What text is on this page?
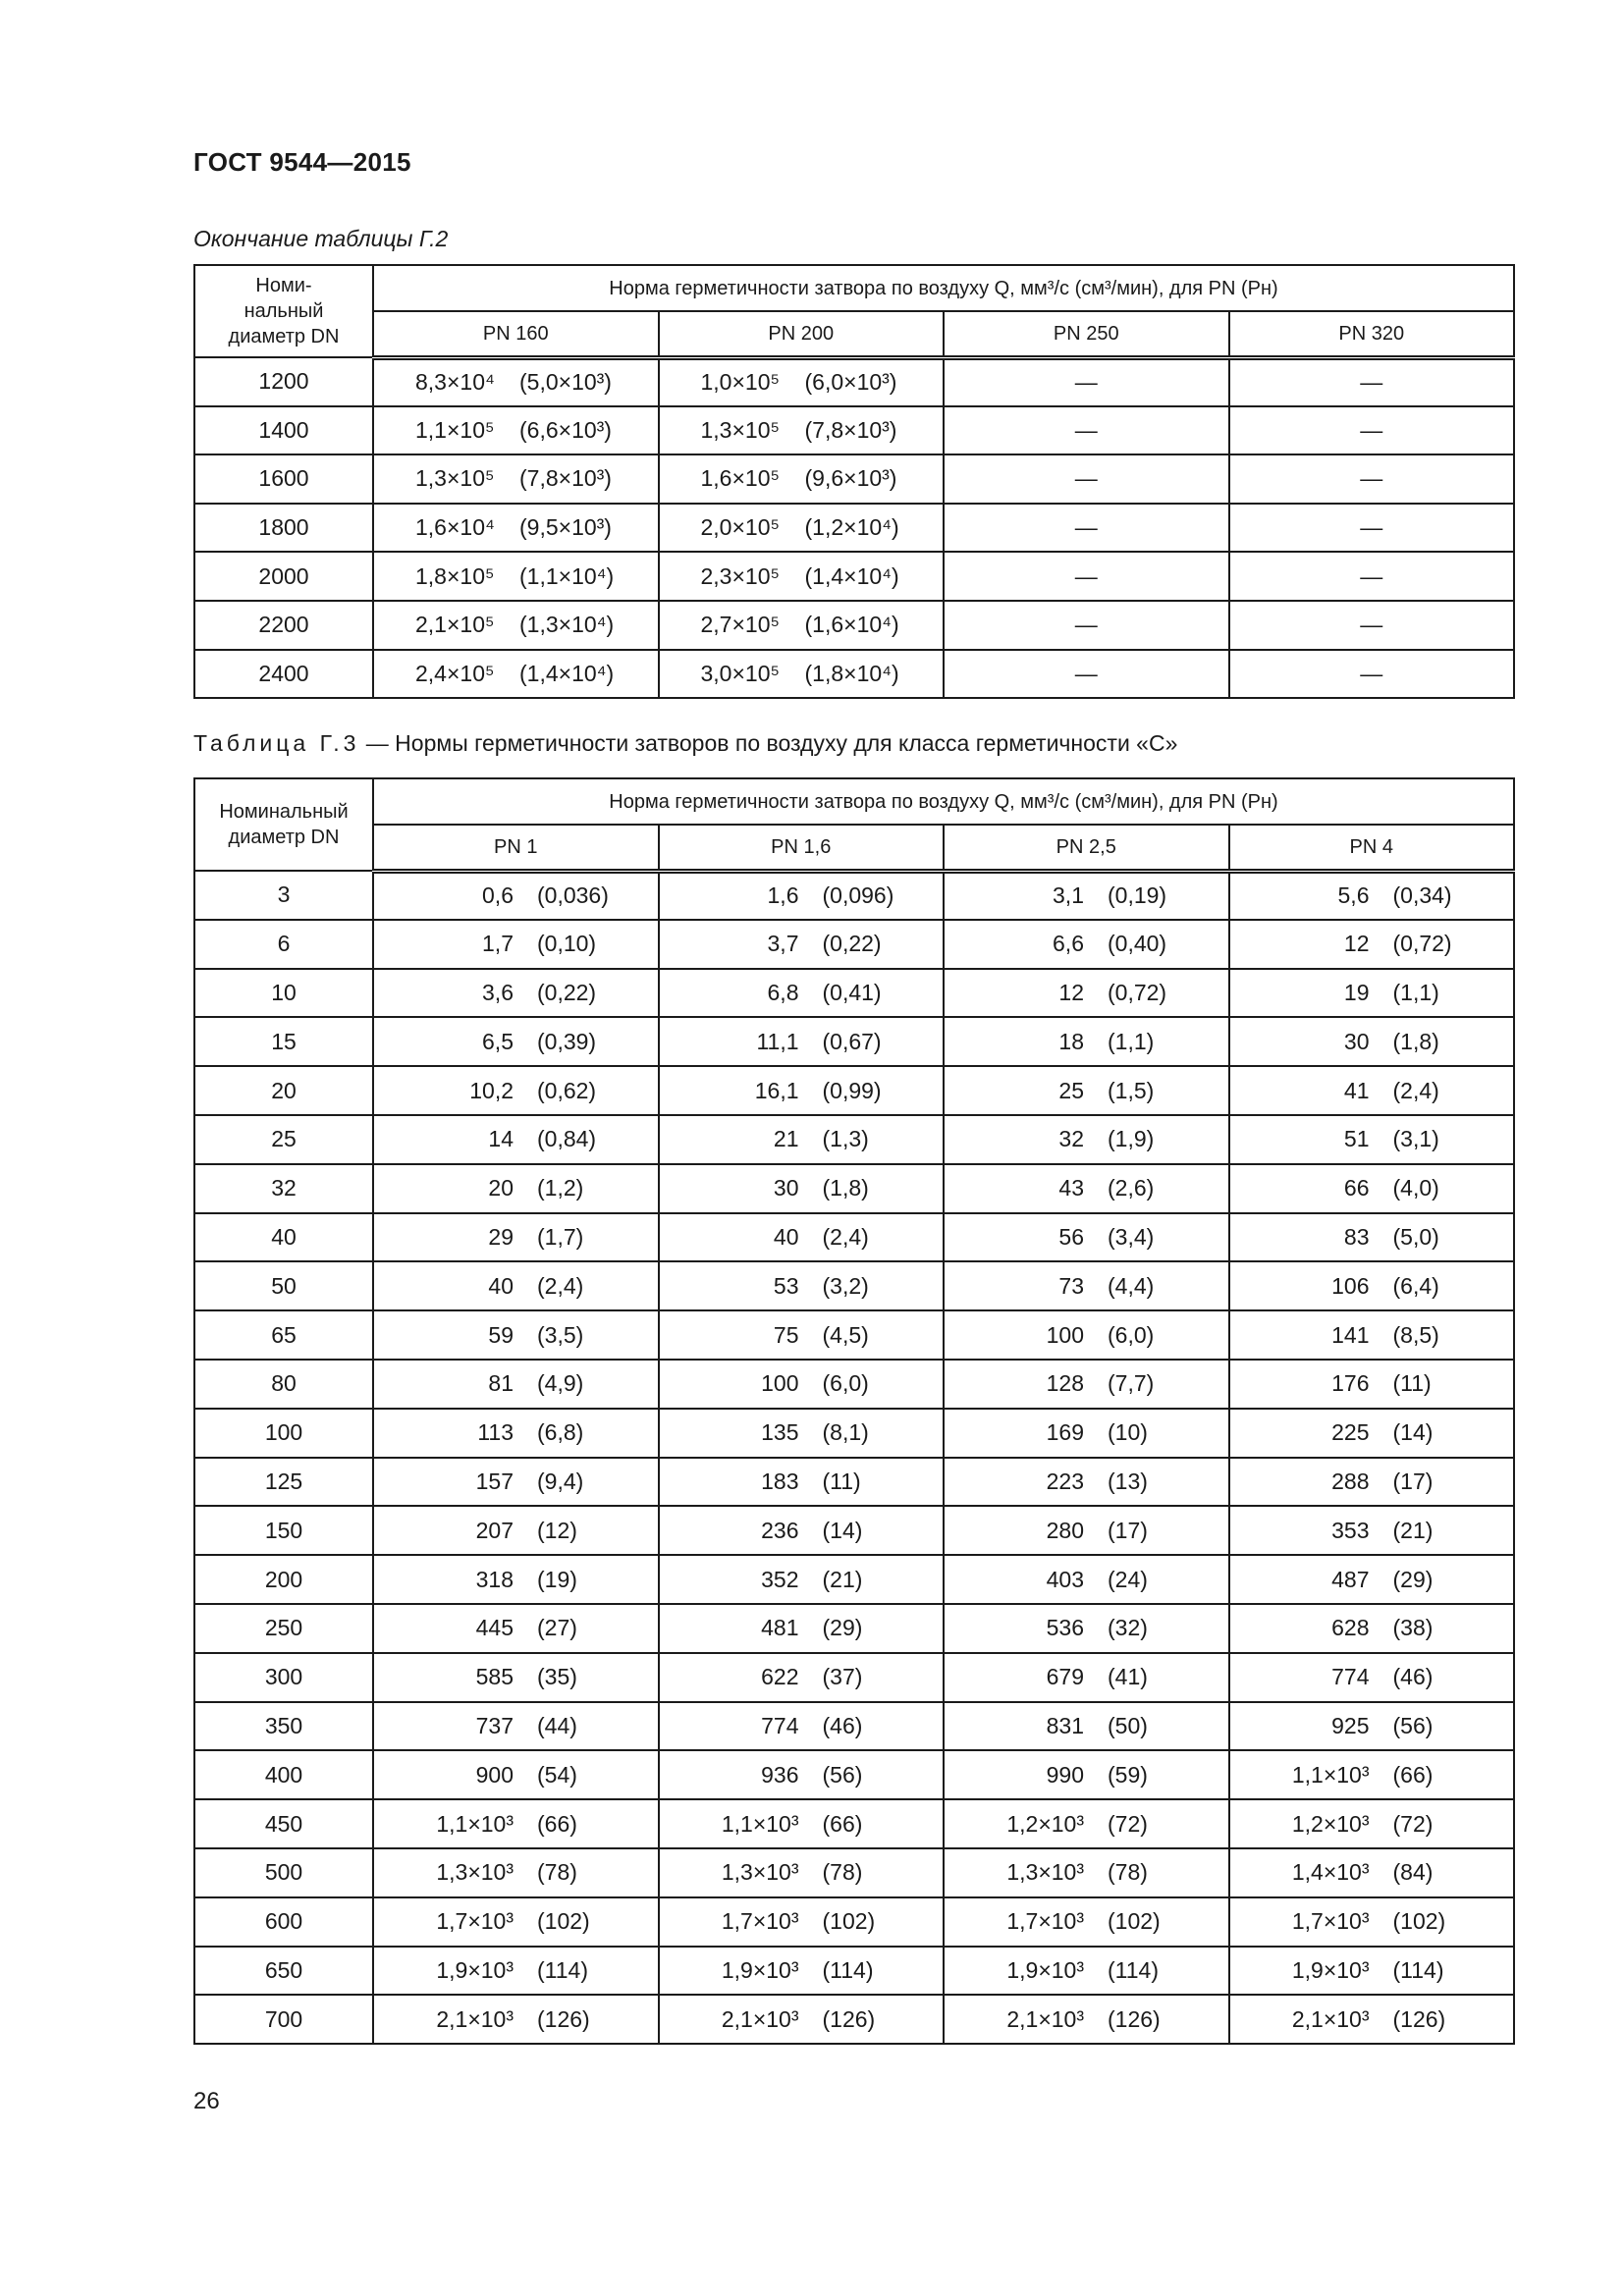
ГОСТ 9544—2015
Окончание таблицы Г.2
Номи-
нальный
диаметр DN	Норма герметичности затвора по воздуху Q, мм³/с (см³/мин), для PN (Pн)			
	PN 160	PN 200	PN 250	PN 320
1200	8,3×10⁴ (5,0×10³)	1,0×10⁵ (6,0×10³)	—	—

1400	1,1×10⁵ (6,6×10³)	1,3×10⁵ (7,8×10³)	—	—

1600	1,3×10⁵ (7,8×10³)	1,6×10⁵ (9,6×10³)	—	—

1800	1,6×10⁴ (9,5×10³)	2,0×10⁵ (1,2×10⁴)	—	—

2000	1,8×10⁵ (1,1×10⁴)	2,3×10⁵ (1,4×10⁴)	—	—

2200	2,1×10⁵ (1,3×10⁴)	2,7×10⁵ (1,6×10⁴)	—	—

2400	2,4×10⁵ (1,4×10⁴)	3,0×10⁵ (1,8×10⁴)	—	—
Таблица Г.3 — Нормы герметичности затворов по воздуху для класса герметичности «С»
Номинальный
диаметр DN	Норма герметичности затвора по воздуху Q, мм³/с (см³/мин), для PN (Pн)			
	PN 1	PN 1,6	PN 2,5	PN 4
3	0,6 (0,036)	1,6 (0,096)	3,1 (0,19)	5,6 (0,34)

6	1,7 (0,10)	3,7 (0,22)	6,6 (0,40)	12 (0,72)

10	3,6 (0,22)	6,8 (0,41)	12 (0,72)	19 (1,1)

15	6,5 (0,39)	11,1 (0,67)	18 (1,1)	30 (1,8)

20	10,2 (0,62)	16,1 (0,99)	25 (1,5)	41 (2,4)

25	14 (0,84)	21 (1,3)	32 (1,9)	51 (3,1)

32	20 (1,2)	30 (1,8)	43 (2,6)	66 (4,0)

40	29 (1,7)	40 (2,4)	56 (3,4)	83 (5,0)

50	40 (2,4)	53 (3,2)	73 (4,4)	106 (6,4)

65	59 (3,5)	75 (4,5)	100 (6,0)	141 (8,5)

80	81 (4,9)	100 (6,0)	128 (7,7)	176 (11)

100	113 (6,8)	135 (8,1)	169 (10)	225 (14)

125	157 (9,4)	183 (11)	223 (13)	288 (17)

150	207 (12)	236 (14)	280 (17)	353 (21)

200	318 (19)	352 (21)	403 (24)	487 (29)

250	445 (27)	481 (29)	536 (32)	628 (38)

300	585 (35)	622 (37)	679 (41)	774 (46)

350	737 (44)	774 (46)	831 (50)	925 (56)

400	900 (54)	936 (56)	990 (59)	1,1×10³ (66)

450	1,1×10³ (66)	1,1×10³ (66)	1,2×10³ (72)	1,2×10³ (72)

500	1,3×10³ (78)	1,3×10³ (78)	1,3×10³ (78)	1,4×10³ (84)

600	1,7×10³ (102)	1,7×10³ (102)	1,7×10³ (102)	1,7×10³ (102)

650	1,9×10³ (114)	1,9×10³ (114)	1,9×10³ (114)	1,9×10³ (114)

700	2,1×10³ (126)	2,1×10³ (126)	2,1×10³ (126)	2,1×10³ (126)
26
